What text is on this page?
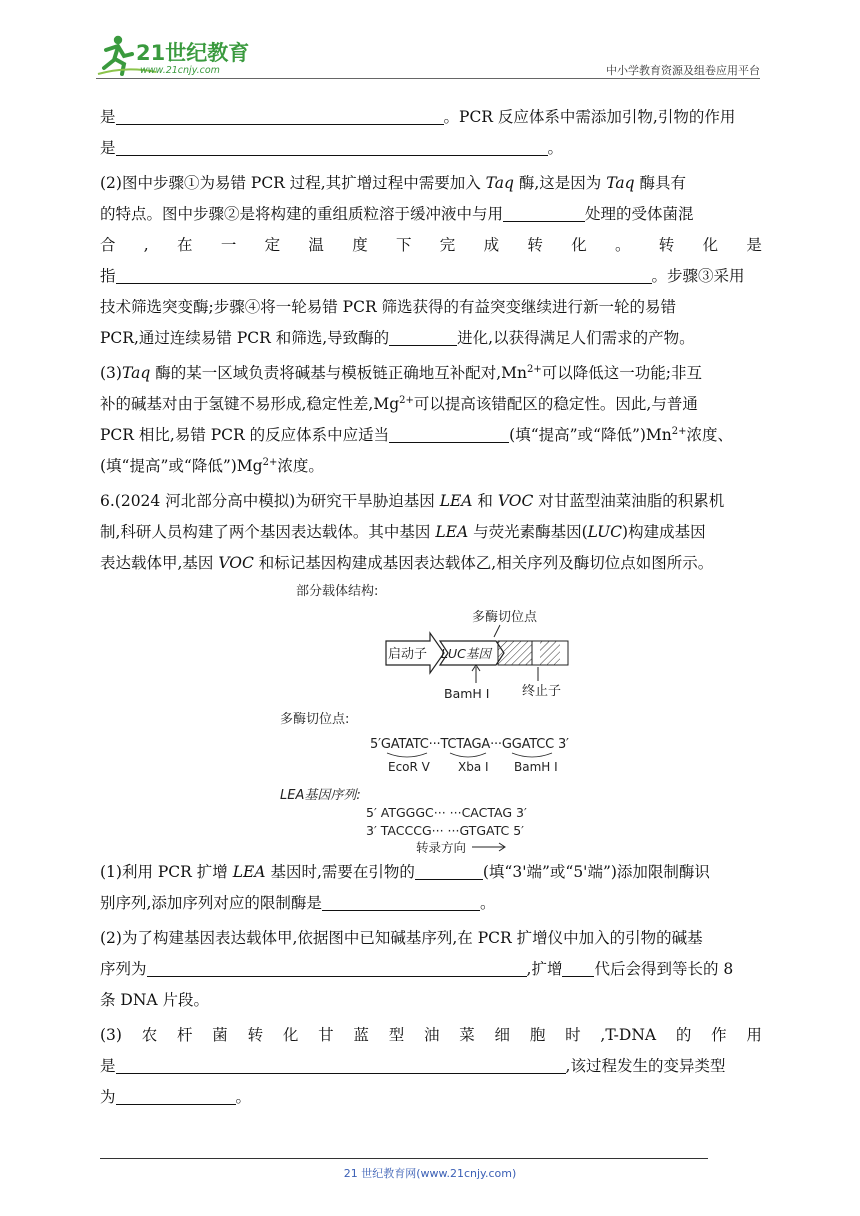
21世纪教育
www.21cnjy.com	中小学教育资源及组卷应用平台

是	。PCR 反应体系中需添加引物,引物的作用

是	。

(2)图中步骤①为易错 PCR 过程,其扩增过程中需要加入 Taq 酶,这是因为 Taq 酶具有

的特点。图中步骤②是将构建的重组质粒溶于缓冲液中与用	处理的受体菌混

合 , 在 一 定 温 度 下 完 成 转 化 。 转 化 是

指	。步骤③采用

技术筛选突变酶;步骤④将一轮易错 PCR 筛选获得的有益突变继续进行新一轮的易错

PCR,通过连续易错 PCR 和筛选,导致酶的	进化,以获得满足人们需求的产物。

(3)Taq 酶的某一区域负责将碱基与模板链正确地互补配对$,Mn^{2+}$可以降低这一功能;非互

补的碱基对由于氢键不易形成,稳定性差$,Mg^{2+}$可以提高该错配区的稳定性。因此,与普通

PCR 相比,易错 PCR 的反应体系中应适当	(填“提高”或“降低$”)Mn^{2+}$浓度、

(填“提高”或“降低$”)Mg^{2+}$浓度。

6.(2024 河北部分高中模拟)为研究干旱胁迫基因 LEA 和 VOC 对甘蓝型油菜油脂的积累机

制,科研人员构建了两个基因表达载体。其中基因 LEA 与荧光素酶基因(LUC)构建成基因

表达载体甲,基因 VOC 和标记基因构建成基因表达载体乙,相关序列及酶切位点如图所示。

部分载体结构:
多酶切位点
启动子 LUC基因
BamH Ⅰ	终止子
多酶切位点:
5′GATATC···TCTAGA···GGATCC 3′
EcoR Ⅴ Xba Ⅰ BamH Ⅰ
LEA基因序列:
5′ ATGGGC··· ···CACTAG 3′
3′ TACCCG··· ···GTGATC 5′
转录方向

(1)利用 PCR 扩增 LEA 基因时,需要在引物的	(填“3'端”或“5'端”)添加限制酶识

别序列,添加序列对应的限制酶是	。

(2)为了构建基因表达载体甲,依据图中已知碱基序列,在 PCR 扩增仪中加入的引物的碱基

序列为	,扩增 代后会得到等长的 8

条 DNA 片段。

(3) 农 杆 菌 转 化 甘 蓝 型 油 菜 细 胞 时 ,T-DNA 的 作 用

是	,该过程发生的变异类型

为	。

21 世纪教育网(www.21cnjy.com)
